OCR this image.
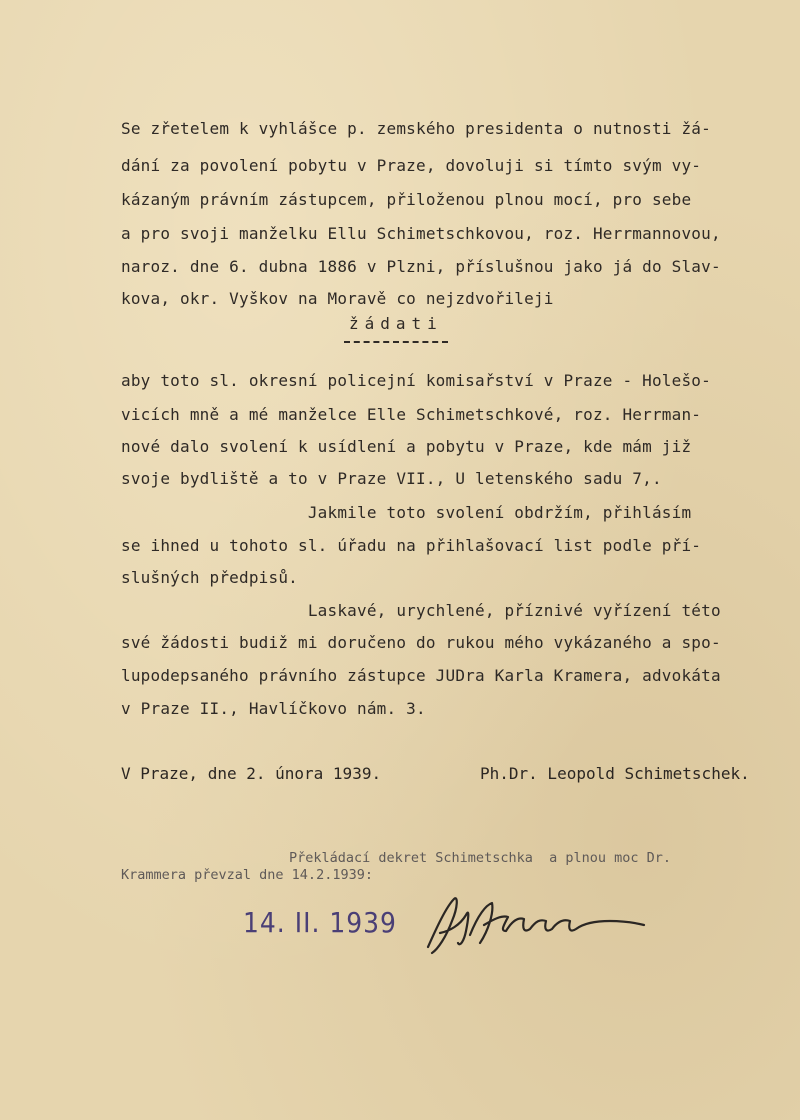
Se zřetelem k vyhlášce p. zemského presidenta o nutnosti žá-
dání za povolení pobytu v Praze, dovoluji si tímto svým vy-
kázaným právním zástupcem, přiloženou plnou mocí, pro sebe
a pro svoji manželku Ellu Schimetschkovou, roz. Herrmannovou,
naroz. dne 6. dubna 1886 v Plzni, příslušnou jako já do Slav-
kova, okr. Vyškov na Moravě co nejzdvořileji
žádati
aby toto sl. okresní policejní komisařství v Praze - Holešo-
vicích mně a mé manželce Elle Schimetschkové, roz. Herrman-
nové dalo svolení k usídlení a pobytu v Praze, kde mám již
svoje bydliště a to v Praze VII., U letenského sadu 7,.
Jakmile toto svolení obdržím, přihlásím
se ihned u tohoto sl. úřadu na přihlašovací list podle pří-
slušných předpisů.
Laskavé, urychlené, příznivé vyřízení této
své žádosti budiž mi doručeno do rukou mého vykázaného a spo-
lupodepsaného právního zástupce JUDra Karla Kramera, advokáta
v Praze II., Havlíčkovo nám. 3.
V Praze, dne 2. února 1939.	Ph.Dr. Leopold Schimetschek.
Překládací dekret Schimetschka  a plnou moc Dr.
Krammera převzal dne 14.2.1939:
14. II. 1939
